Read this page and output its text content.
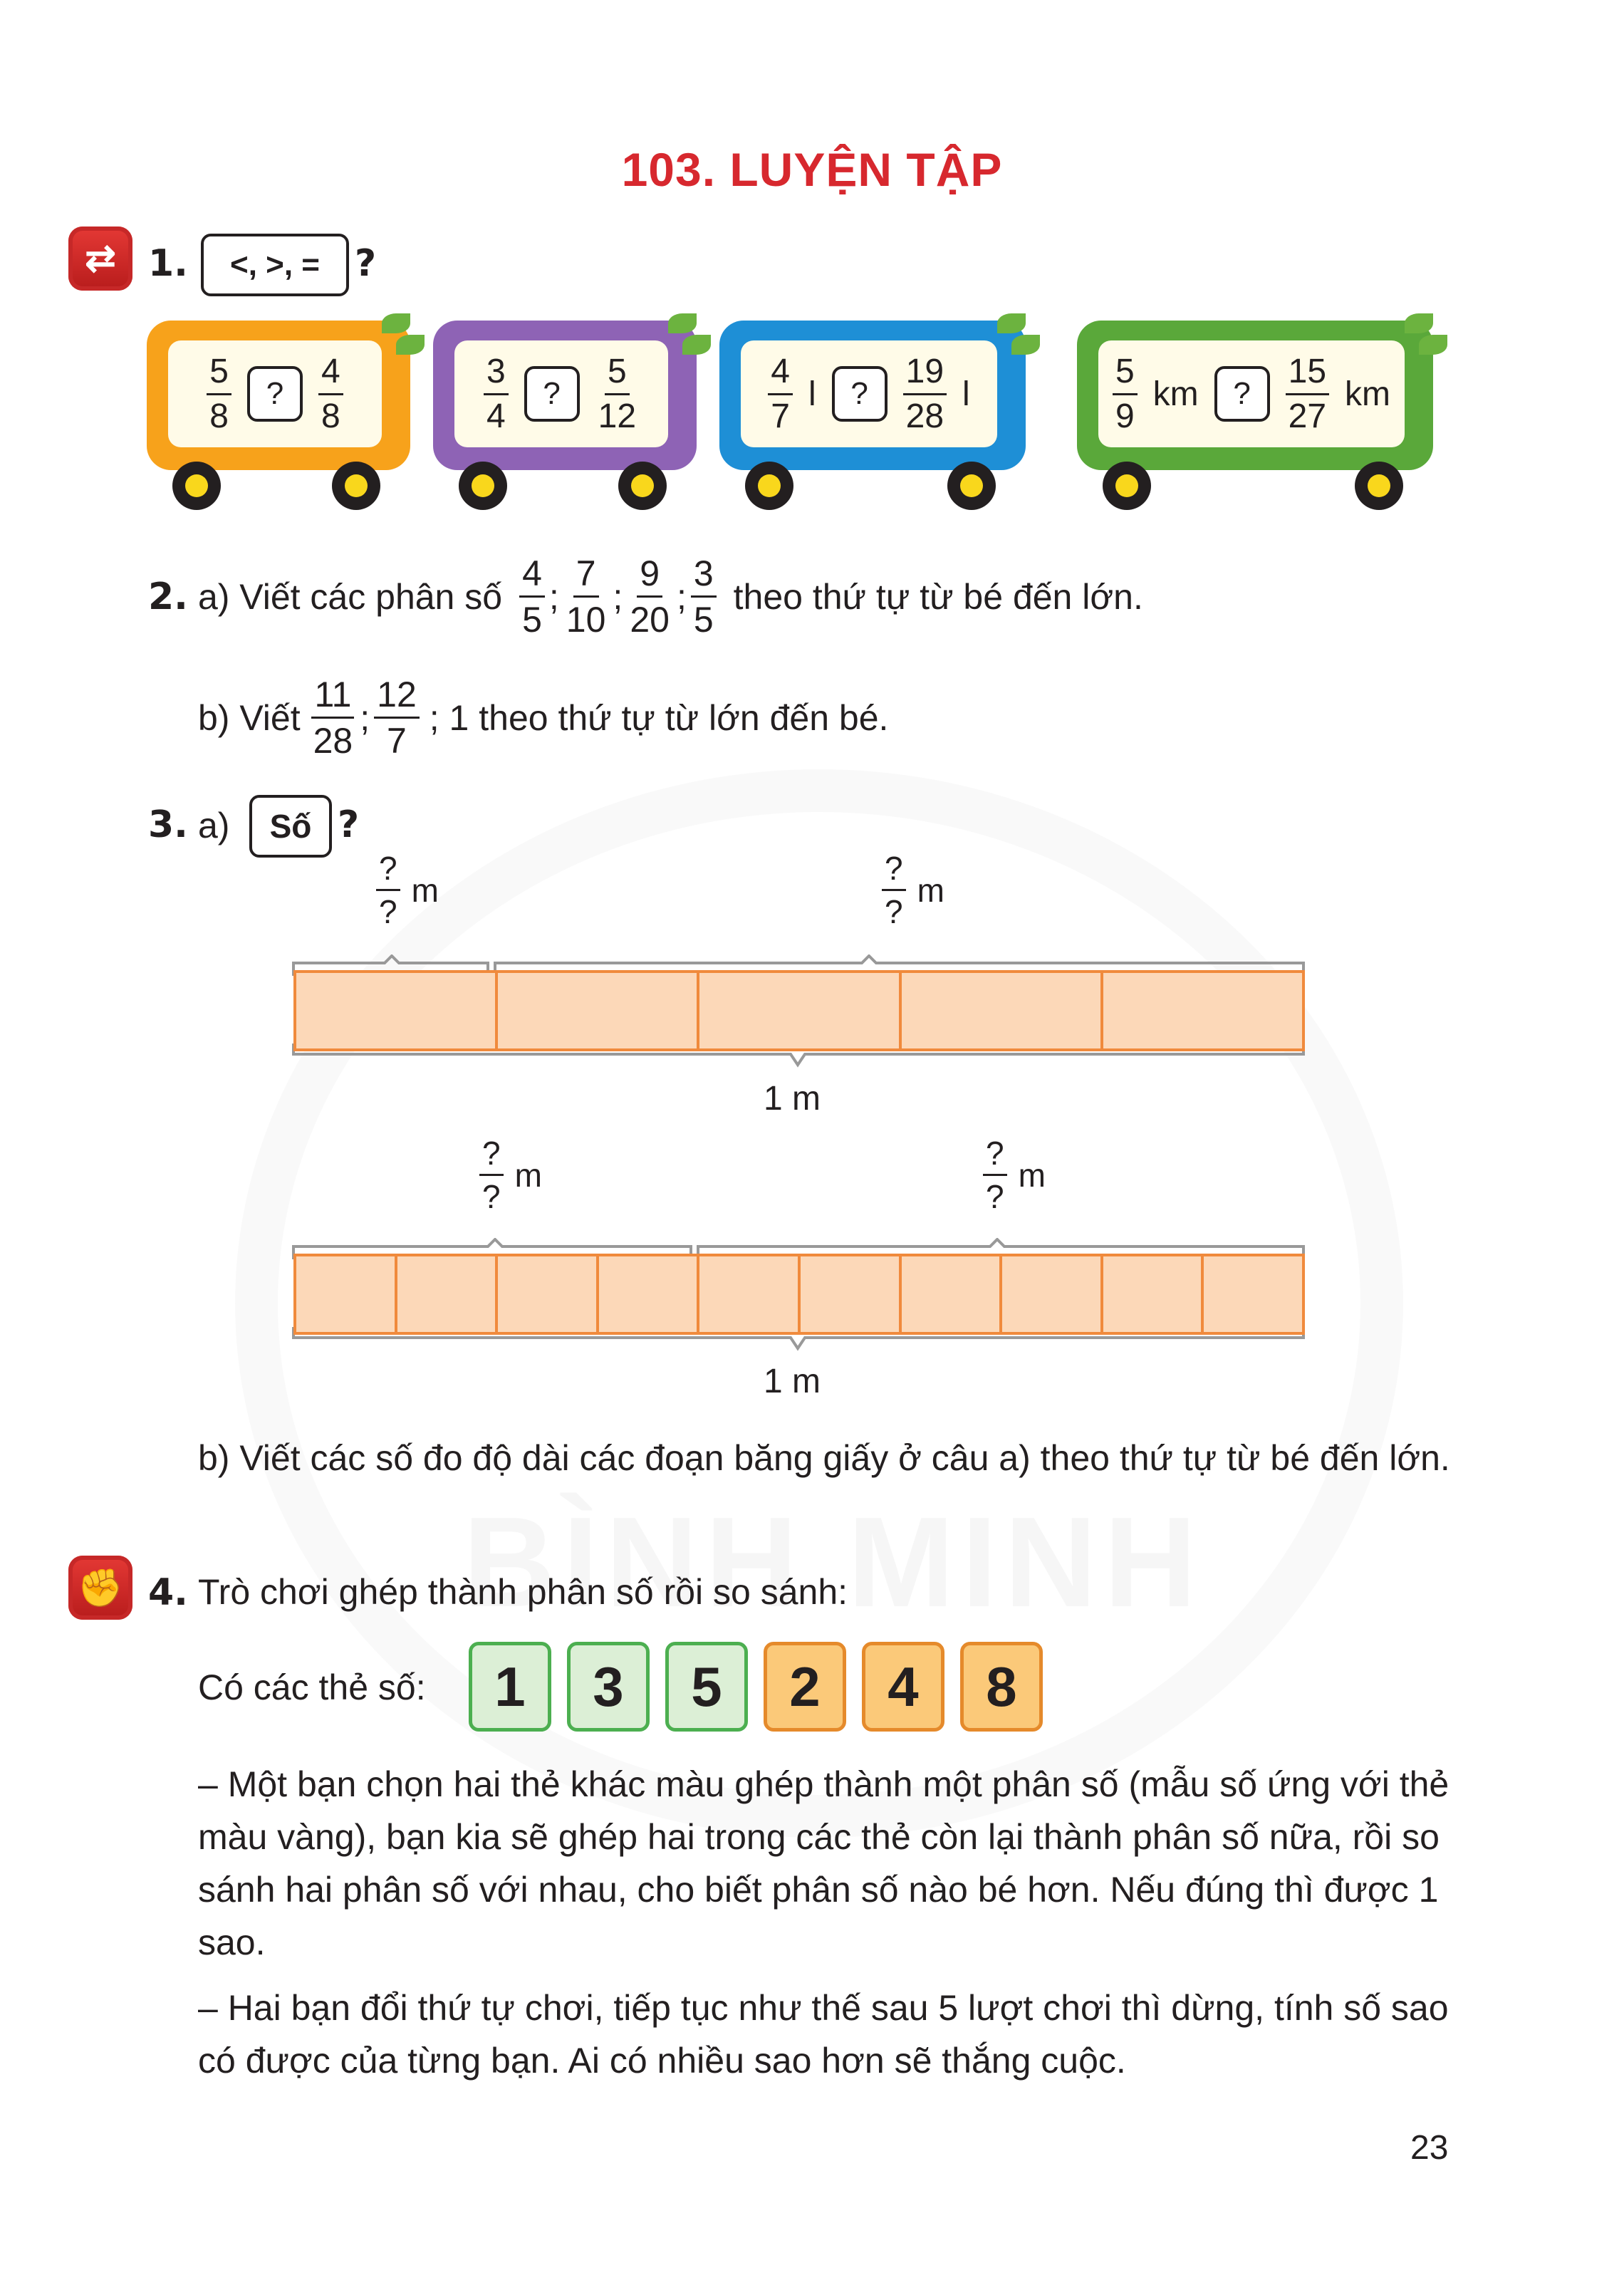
103. LUYỆN TẬP
⇄ 1.	<, >, = ?
$\frac{5}{8}$	?	$\frac{4}{8}$	$\frac{3}{4}$	?	$\frac{5}{12}$	$\frac{4}{7}$ l	?	$\frac{19}{28}$ l	$\frac{5}{9}$ km	?	$\frac{15}{27}$ km
2. a) Viết các phân số $\frac{4}{5}$ ; $\frac{7}{10}$ ; $\frac{9}{20}$ ; $\frac{3}{5}$ theo thứ tự từ bé đến lớn.
b) Viết $\frac{11}{28}$ ; $\frac{12}{7}$ ; 1 theo thứ tự từ lớn đến bé.
3. a)	Số ?
$\frac{?}{?}$ m	$\frac{?}{?}$ m
1 m
$\frac{?}{?}$ m	$\frac{?}{?}$ m
1 m
b) Viết các số đo độ dài các đoạn băng giấy ở câu a) theo thứ tự từ bé đến lớn.
✊ 4. Trò chơi ghép thành phân số rồi so sánh:
Có các thẻ số:	1	3	5	2	4	8
– Một bạn chọn hai thẻ khác màu ghép thành một phân số (mẫu số ứng với thẻ màu vàng), bạn kia sẽ ghép hai trong các thẻ còn lại thành phân số nữa, rồi so sánh hai phân số với nhau, cho biết phân số nào bé hơn. Nếu đúng thì được 1 sao.
– Hai bạn đổi thứ tự chơi, tiếp tục như thế sau 5 lượt chơi thì dừng, tính số sao có được của từng bạn. Ai có nhiều sao hơn sẽ thắng cuộc.
23
